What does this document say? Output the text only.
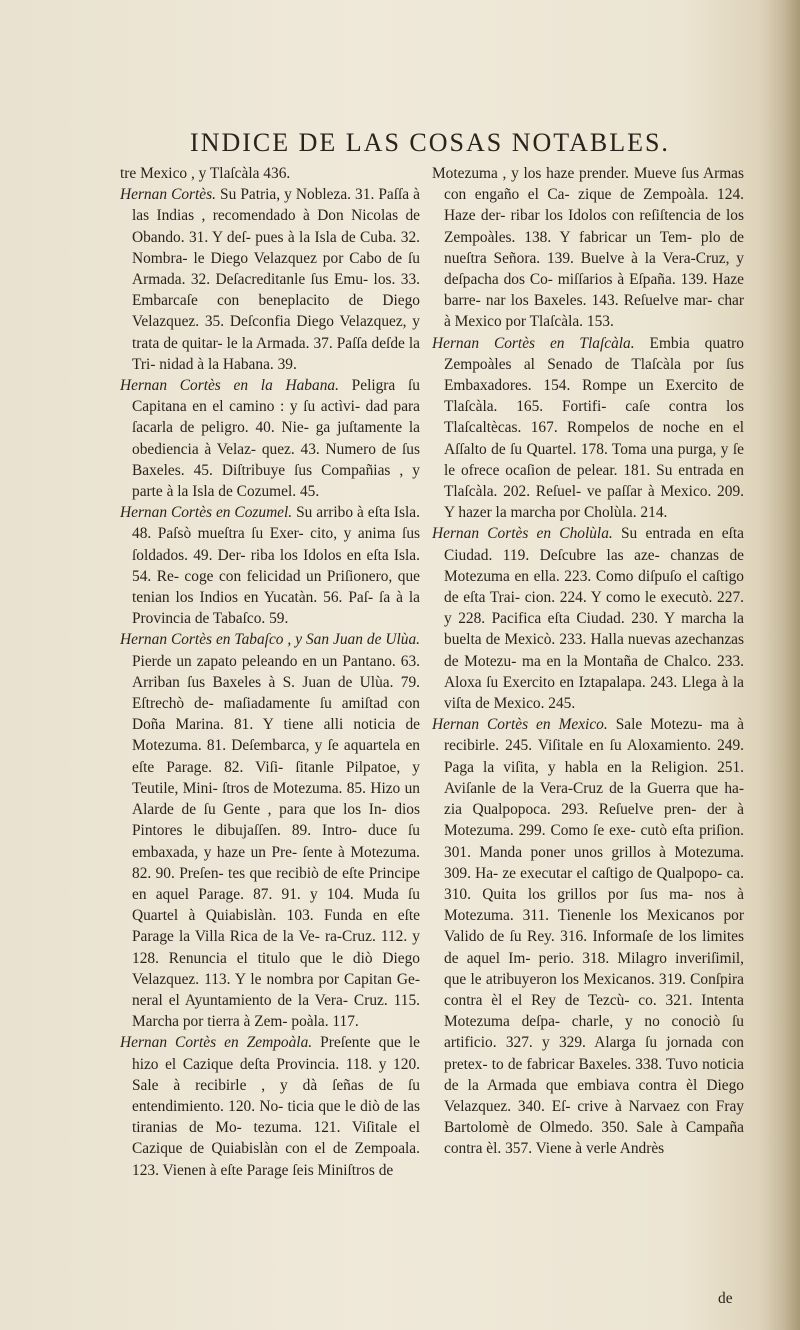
INDICE DE LAS COSAS NOTABLES.

tre Mexico , y Tlaſcàla 436.

Hernan Cortès. Su Patria, y Nobleza. 31. Paſſa à las Indias , recomendado à Don Nicolas de Obando. 31. Y deſ- pues à la Isla de Cuba. 32. Nombra- le Diego Velazquez por Cabo de ſu Armada. 32. Deſacreditanle ſus Emu- los. 33. Embarcaſe con beneplacito de Diego Velazquez. 35. Deſconfia Diego Velazquez, y trata de quitar- le la Armada. 37. Paſſa deſde la Tri- nidad à la Habana. 39.

Hernan Cortès en la Habana. Peligra ſu Capitana en el camino : y ſu actìvi- dad para ſacarla de peligro. 40. Nie- ga juſtamente la obediencia à Velaz- quez. 43. Numero de ſus Baxeles. 45. Diſtribuye ſus Compañias , y parte à la Isla de Cozumel. 45.

Hernan Cortès en Cozumel. Su arribo à eſta Isla. 48. Paſsò mueſtra ſu Exer- cito, y anima ſus ſoldados. 49. Der- riba los Idolos en eſta Isla. 54. Re- coge con felicidad un Priſionero, que tenian los Indios en Yucatàn. 56. Paſ- ſa à la Provincia de Tabaſco. 59.

Hernan Cortès en Tabaſco , y San Juan de Ulùa. Pierde un zapato peleando en un Pantano. 63. Arriban ſus Baxeles à S. Juan de Ulùa. 79. Eſtrechò de- maſiadamente ſu amiſtad con Doña Marina. 81. Y tiene alli noticia de Motezuma. 81. Deſembarca, y ſe aquartela en eſte Parage. 82. Viſi- ſitanle Pilpatoe, y Teutile, Mini- ſtros de Motezuma. 85. Hizo un Alarde de ſu Gente , para que los In- dios Pintores le dibujaſſen. 89. Intro- duce ſu embaxada, y haze un Pre- ſente à Motezuma. 82. 90. Preſen- tes que recibiò de eſte Principe en aquel Parage. 87. 91. y 104. Muda ſu Quartel à Quiabislàn. 103. Funda en eſte Parage la Villa Rica de la Ve- ra-Cruz. 112. y 128. Renuncia el titulo que le diò Diego Velazquez. 113. Y le nombra por Capitan Ge- neral el Ayuntamiento de la Vera- Cruz. 115. Marcha por tierra à Zem- poàla. 117.

Hernan Cortès en Zempoàla. Preſente que le hizo el Cazique deſta Provincia. 118. y 120. Sale à recibirle , y dà ſeñas de ſu entendimiento. 120. No- ticia que le diò de las tiranias de Mo- tezuma. 121. Viſitale el Cazique de Quiabislàn con el de Zempoala. 123. Vienen à eſte Parage ſeis Miniſtros de

Motezuma , y los haze prender. Mueve ſus Armas con engaño el Ca- zique de Zempoàla. 124. Haze der- ribar los Idolos con reſiſtencia de los Zempoàles. 138. Y fabricar un Tem- plo de nueſtra Señora. 139. Buelve à la Vera-Cruz, y deſpacha dos Co- miſſarios à Eſpaña. 139. Haze barre- nar los Baxeles. 143. Reſuelve mar- char à Mexico por Tlaſcàla. 153.

Hernan Cortès en Tlaſcàla. Embia quatro Zempoàles al Senado de Tlaſcàla por ſus Embaxadores. 154. Rompe un Exercito de Tlaſcàla. 165. Fortifi- caſe contra los Tlaſcaltècas. 167. Rompelos de noche en el Aſſalto de ſu Quartel. 178. Toma una purga, y ſe le ofrece ocaſion de pelear. 181. Su entrada en Tlaſcàla. 202. Reſuel- ve paſſar à Mexico. 209. Y hazer la marcha por Cholùla. 214.

Hernan Cortès en Cholùla. Su entrada en eſta Ciudad. 119. Deſcubre las aze- chanzas de Motezuma en ella. 223. Como diſpuſo el caſtigo de eſta Trai- cion. 224. Y como le executò. 227. y 228. Pacifica eſta Ciudad. 230. Y marcha la buelta de Mexicò. 233. Halla nuevas azechanzas de Motezu- ma en la Montaña de Chalco. 233. Aloxa ſu Exercito en Iztapalapa. 243. Llega à la viſta de Mexico. 245.

Hernan Cortès en Mexico. Sale Motezu- ma à recibirle. 245. Viſitale en ſu Aloxamiento. 249. Paga la viſita, y habla en la Religion. 251. Aviſanle de la Vera-Cruz de la Guerra que ha- zia Qualpopoca. 293. Reſuelve pren- der à Motezuma. 299. Como ſe exe- cutò eſta priſion. 301. Manda poner unos grillos à Motezuma. 309. Ha- ze executar el caſtigo de Qualpopo- ca. 310. Quita los grillos por ſus ma- nos à Motezuma. 311. Tienenle los Mexicanos por Valido de ſu Rey. 316. Informaſe de los limites de aquel Im- perio. 318. Milagro inveriſimil, que le atribuyeron los Mexicanos. 319. Conſpira contra èl el Rey de Tezcù- co. 321. Intenta Motezuma deſpa- charle, y no conociò ſu artificio. 327. y 329. Alarga ſu jornada con pretex- to de fabricar Baxeles. 338. Tuvo noticia de la Armada que embiava contra èl Diego Velazquez. 340. Eſ- crive à Narvaez con Fray Bartolomè de Olmedo. 350. Sale à Campaña contra èl. 357. Viene à verle Andrès

de
